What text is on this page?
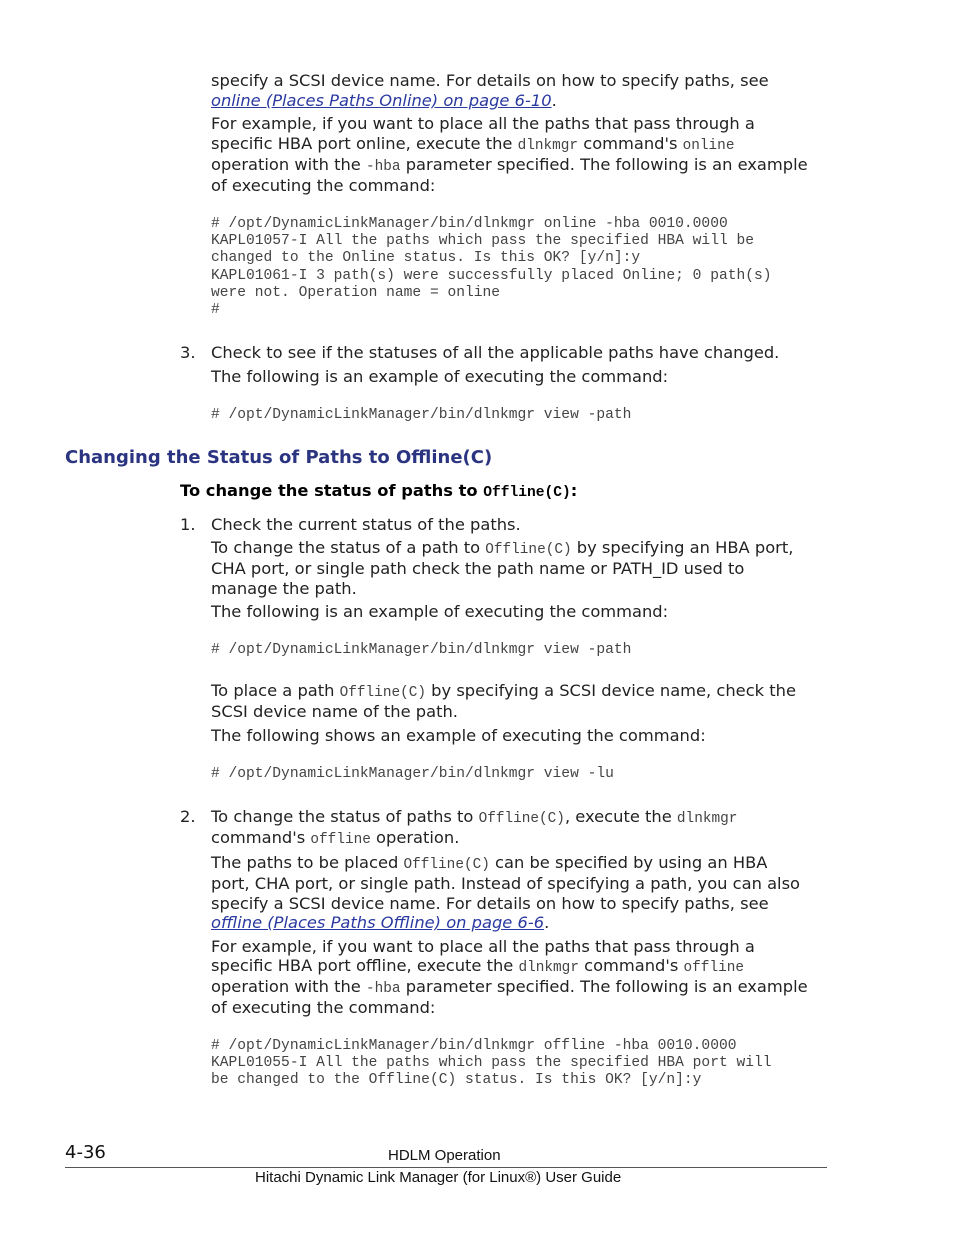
specify a SCSI device name. For details on how to specify paths, see

online (Places Paths Online) on page 6-10.

For example, if you want to place all the paths that pass through a

specific HBA port online, execute the dlnkmgr command's online

operation with the -hba parameter specified. The following is an example

of executing the command:

# /opt/DynamicLinkManager/bin/dlnkmgr online -hba 0010.0000
KAPL01057-I All the paths which pass the specified HBA will be
changed to the Online status. Is this OK? [y/n]:y
KAPL01061-I 3 path(s) were successfully placed Online; 0 path(s)
were not. Operation name = online
#
3. Check to see if the statuses of all the applicable paths have changed.

The following is an example of executing the command:

# /opt/DynamicLinkManager/bin/dlnkmgr view -path
Changing the Status of Paths to Offline(C)
To change the status of paths to Offline(C):
1. Check the current status of the paths.

To change the status of a path to Offline(C) by specifying an HBA port,

CHA port, or single path check the path name or PATH_ID used to

manage the path.

The following is an example of executing the command:

# /opt/DynamicLinkManager/bin/dlnkmgr view -path

To place a path Offline(C) by specifying a SCSI device name, check the

SCSI device name of the path.

The following shows an example of executing the command:

# /opt/DynamicLinkManager/bin/dlnkmgr view -lu
2. To change the status of paths to Offline(C), execute the dlnkmgr

command's offline operation.

The paths to be placed Offline(C) can be specified by using an HBA

port, CHA port, or single path. Instead of specifying a path, you can also

specify a SCSI device name. For details on how to specify paths, see

offline (Places Paths Offline) on page 6-6.

For example, if you want to place all the paths that pass through a

specific HBA port offline, execute the dlnkmgr command's offline

operation with the -hba parameter specified. The following is an example

of executing the command:

# /opt/DynamicLinkManager/bin/dlnkmgr offline -hba 0010.0000
KAPL01055-I All the paths which pass the specified HBA port will
be changed to the Offline(C) status. Is this OK? [y/n]:y
4-36	HDLM Operation
Hitachi Dynamic Link Manager (for Linux®) User Guide
